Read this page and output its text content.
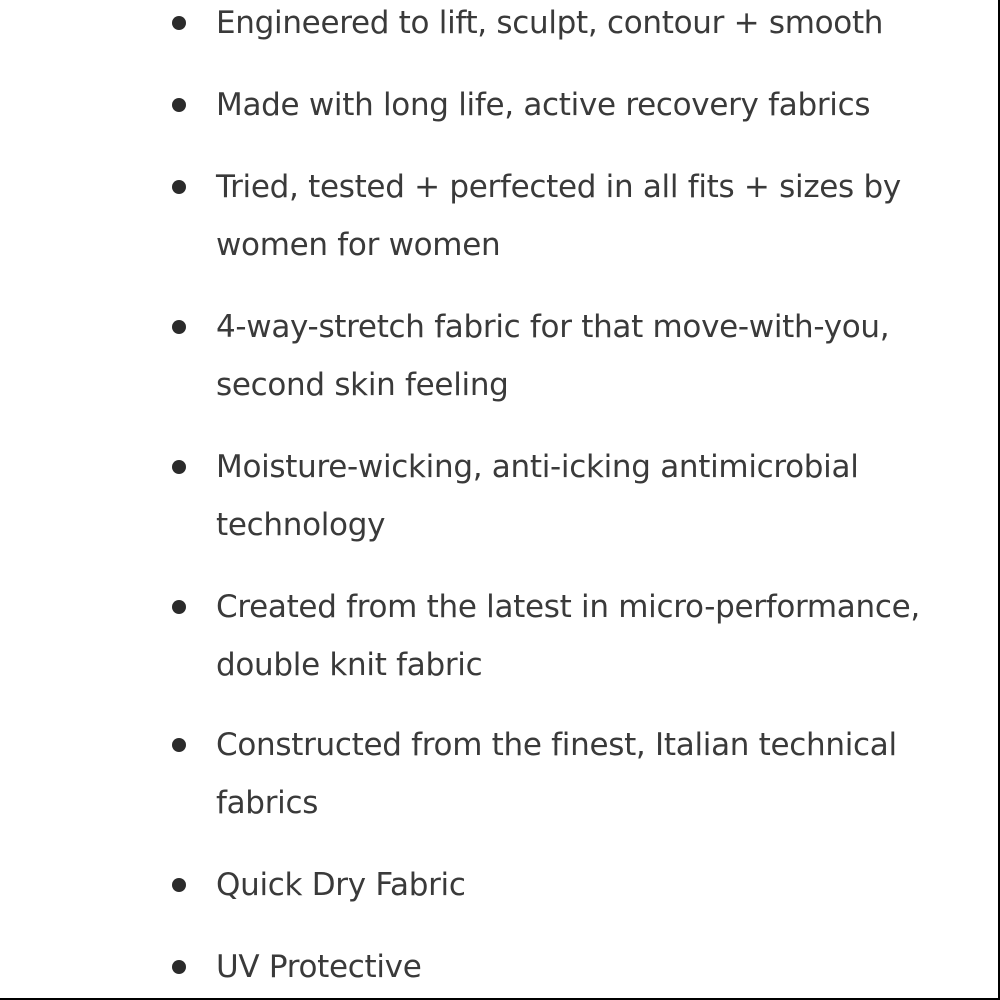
Engineered to lift, sculpt, contour + smooth
Made with long life, active recovery fabrics
Tried, tested + perfected in all fits + sizes by
women for women
4-way-stretch fabric for that move-with-you,
second skin feeling
Moisture-wicking, anti-icking antimicrobial
technology
Created from the latest in micro-performance,
double knit fabric
Constructed from the finest, Italian technical
fabrics
Quick Dry Fabric
UV Protective
